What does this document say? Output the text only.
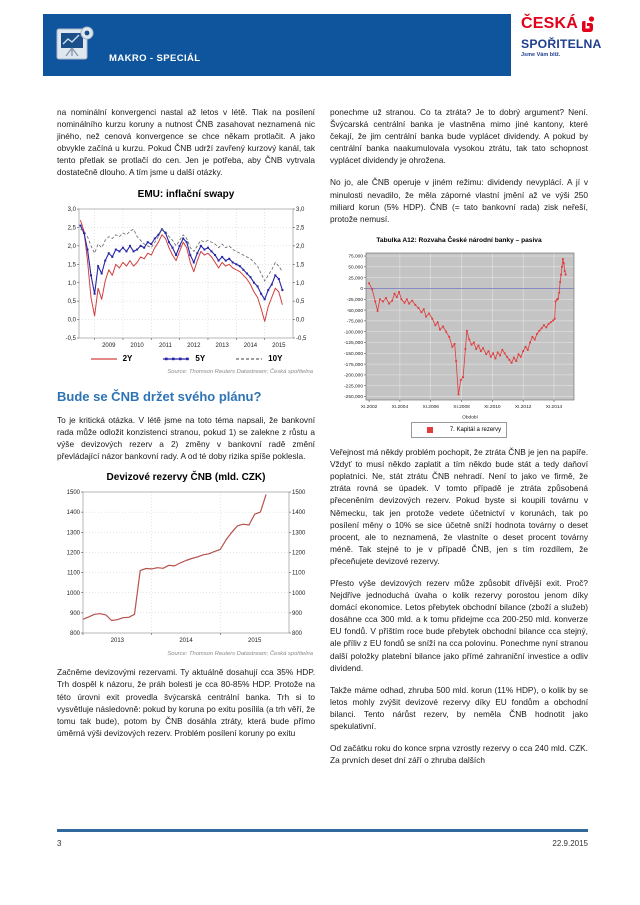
MAKRO - SPECIÁL
ČESKÁ
SPOŘITELNA
Jsme Vám blíž.

na nominální konvergenci nastal až letos v létě. Tlak na posílení nominálního kurzu koruny a nutnost ČNB zasahovat neznamená nic jiného, než cenová konvergence se chce někam protlačit. A jako obvykle začíná u kurzu. Pokud ČNB udrží zavřený kurzový kanál, tak tento přetlak se protlačí do cen. Jen je potřeba, aby ČNB vytrvala dostatečně dlouho. A tím jsme u další otázky.

EMU: inflační swapy
3,0	3,0
2,5	2,5
2,0	2,0
1,5	1,5
1,0	1,0
0,5	0,5
0,0	0,0
-0,5	-0,5
2009 2010	2011	2012 2013 2014 2015
2Y	5Y	10Y
Source: Thomson Reuters Datastream; Česká spořitelna
Bude se ČNB držet svého plánu?

To je kritická otázka. V létě jsme na toto téma napsali, že bankovní rada může odložit konzistenci stranou, pokud 1) se zalekne z růstu a výše devizových rezerv a 2) změny v bankovní radě změní převládající názor bankovní rady. A od té doby rizika spíše poklesla.

Devizové rezervy ČNB (mld. CZK)
1500	1500
1400	1400
1300	1300
1200	1200
1100	1100
1000	1000
900	900
800	800
2013	2014	2015
Source: Thomson Reuters Datastream; Česká spořitelna

Začněme devizovými rezervami. Ty aktuálně dosahují cca 35% HDP. Trh dospěl k názoru, že práh bolesti je cca 80-85% HDP. Protože na této úrovni exit provedla švýcarská centrální banka. Trh si to vysvětluje následovně: pokud by koruna po exitu posílila (a trh věří, že tomu tak bude), potom by ČNB dosáhla ztráty, která bude přímo úměrná výši devizových rezerv. Problém posílení koruny po exitu

ponechme už stranou. Co ta ztráta? Je to dobrý argument? Není. Švýcarská centrální banka je vlastněna mimo jiné kantony, které čekají, že jim centrální banka bude vyplácet dividendy. A pokud by centrální banka naakumulovala vysokou ztrátu, tak tato schopnost vyplácet dividendy je ohrožena.

No jo, ale ČNB operuje v jiném režimu: dividendy nevyplácí. A jí v minulosti nevadilo, že měla záporné vlastní jmění až ve výši 250 miliard korun (5% HDP). ČNB (= tato bankovní rada) zisk neřeší, protože nemusí.

Tabulka A12: Rozvaha České národní banky – pasiva
75,000
50,000
25,000
0
-25,000
-50,000
-75,000
-100,000
-125,000
-150,000
-175,000
-200,000
-225,000
-250,000
XI.2002	XI.2004	XI.2006	XI.2008	XI.2010	XI.2012	XI.2014
Období
7. Kapitál a rezervy

Veřejnost má někdy problém pochopit, že ztráta ČNB je jen na papíře. Vždyť to musí někdo zaplatit a tím někdo bude stát a tedy daňoví poplatníci. Ne, stát ztrátu ČNB nehradí. Není to jako ve firmě, že ztráta rovná se úpadek. V tomto případě je ztráta způsobená přeceněním devizových rezerv. Pokud byste si koupili továrnu v Německu, tak jen protože vedete účetnictví v korunách, tak po posílení měny o 10% se sice účetně sníží hodnota továrny o deset procent, ale to neznamená, že vlastníte o deset procent továrny méně. Tak stejné to je v případě ČNB, jen s tím rozdílem, že přeceňujete devizové rezervy.

Přesto výše devizových rezerv může způsobit dřívější exit. Proč? Nejdříve jednoduchá úvaha o kolik rezervy porostou jenom díky domácí ekonomice. Letos přebytek obchodní bilance (zboží a služeb) dosáhne cca 300 mld. a k tomu přidejme cca 200-250 mld. konverze EU fondů. V příštím roce bude přebytek obchodní bilance cca stejný, ale příliv z EU fondů se sníží na cca polovinu. Ponechme nyní stranou další položky platební bilance jako přímé zahraniční investice a odliv dividend.

Takže máme odhad, zhruba 500 mld. korun (11% HDP), o kolik by se letos mohly zvýšit devizové rezervy díky EU fondům a obchodní bilanci. Tento nárůst rezerv, by neměla ČNB hodnotit jako spekulativní.

Od začátku roku do konce srpna vzrostly rezervy o cca 240 mld. CZK. Za prvních deset dní září o zhruba dalších

3	22.9.2015
